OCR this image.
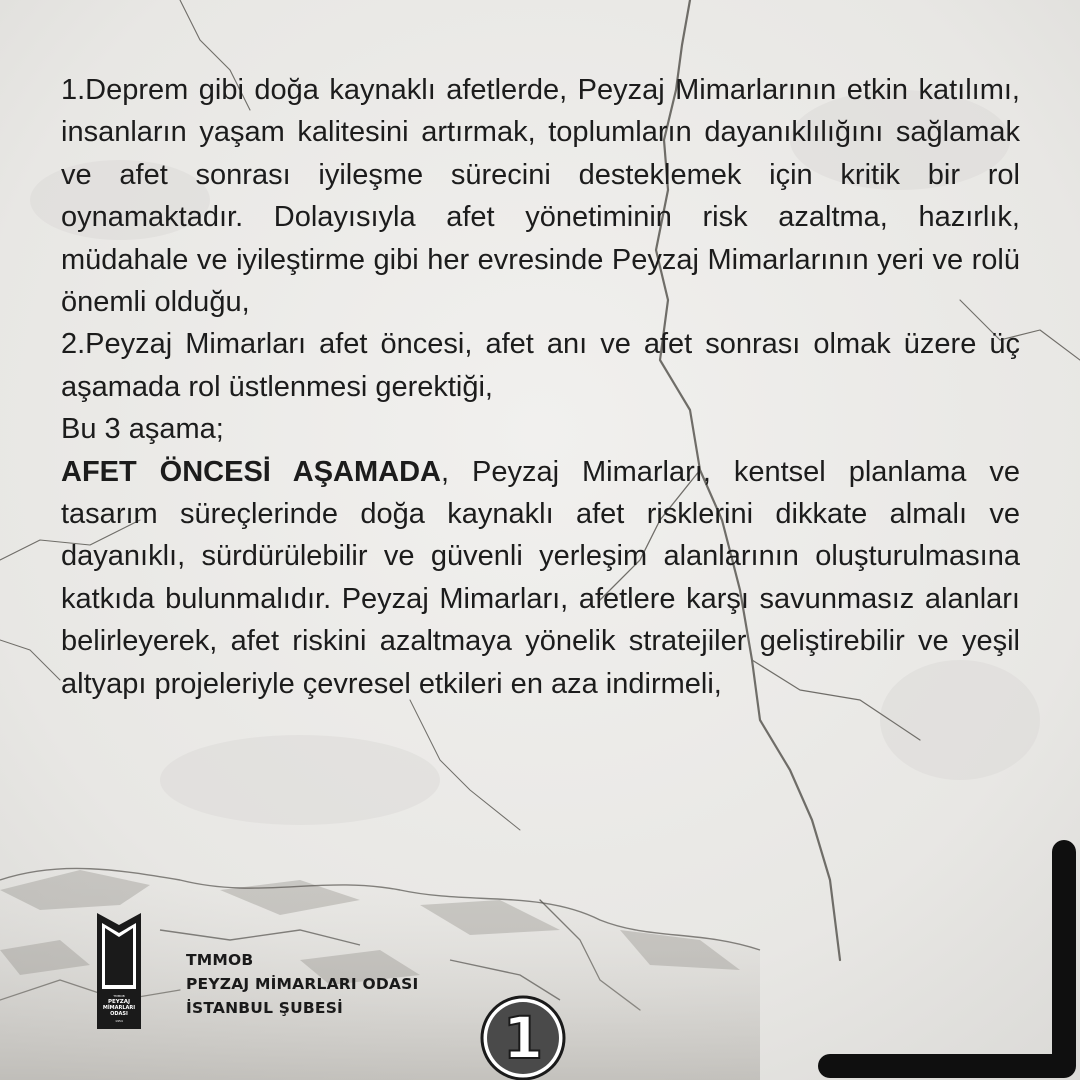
1.Deprem gibi doğa kaynaklı afetlerde, Peyzaj Mimarlarının etkin katılımı, insanların yaşam kalitesini artırmak, toplumların dayanıklılığını sağlamak ve afet sonrası iyileşme sürecini desteklemek için kritik bir rol oynamaktadır. Dolayısıyla afet yönetiminin risk azaltma, hazırlık, müdahale ve iyileştirme gibi her evresinde Peyzaj Mimarlarının yeri ve rolü önemli olduğu,

2.Peyzaj Mimarları afet öncesi, afet anı ve afet sonrası olmak üzere üç aşamada rol üstlenmesi gerektiği,

Bu 3 aşama;

AFET ÖNCESİ AŞAMADA, Peyzaj Mimarları, kentsel planlama ve tasarım süreçlerinde doğa kaynaklı afet risklerini dikkate almalı ve dayanıklı, sürdürülebilir ve güvenli yerleşim alanlarının oluşturulmasına katkıda bulunmalıdır. Peyzaj Mimarları, afetlere karşı savunmasız alanları belirleyerek, afet riskini azaltmaya yönelik stratejiler geliştirebilir ve yeşil altyapı projeleriyle çevresel etkileri en aza indirmeli,

TMMOB
PEYZAJ
MİMARLARI
ODASI
1954
TMMOB
PEYZAJ MİMARLARI ODASI
İSTANBUL ŞUBESİ	1
